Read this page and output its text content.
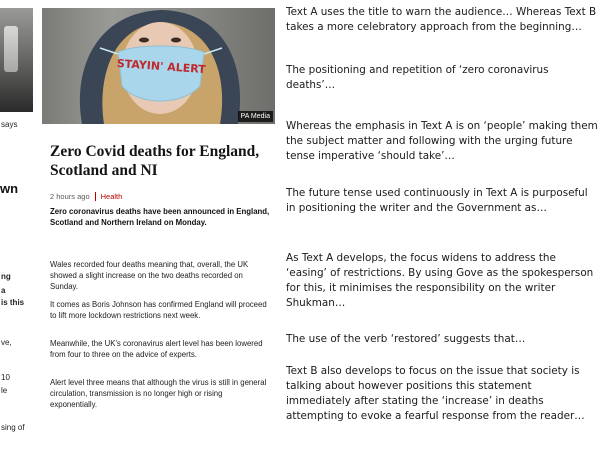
says
wn
ng
a
is this
ve,
10
le
sing of
STAYIN' ALERT
PA Media
Zero Covid deaths for England, Scotland and NI
2 hours ago Health

Zero coronavirus deaths have been announced in England, Scotland and Northern Ireland on Monday.

Wales recorded four deaths meaning that, overall, the UK showed a slight increase on the two deaths recorded on Sunday.

It comes as Boris Johnson has confirmed England will proceed to lift more lockdown restrictions next week.

Meanwhile, the UK's coronavirus alert level has been lowered from four to three on the advice of experts.

Alert level three means that although the virus is still in general circulation, transmission is no longer high or rising exponentially.

Text A uses the title to warn the audience… Whereas Text B takes a more celebratory approach from the beginning…

The positioning and repetition of ‘zero coronavirus deaths’…

Whereas the emphasis in Text A is on ‘people’ making them the subject matter and following with the urging future tense imperative ‘should take’…

The future tense used continuously in Text A is purposeful in positioning the writer and the Government as…

As Text A develops, the focus widens to address the ‘easing’ of restrictions. By using Gove as the spokesperson for this, it minimises the responsibility on the writer Shukman…

The use of the verb ‘restored’ suggests that…

Text B also develops to focus on the issue that society is talking about however positions this statement immediately after stating the ‘increase’ in deaths attempting to evoke a fearful response from the reader…
